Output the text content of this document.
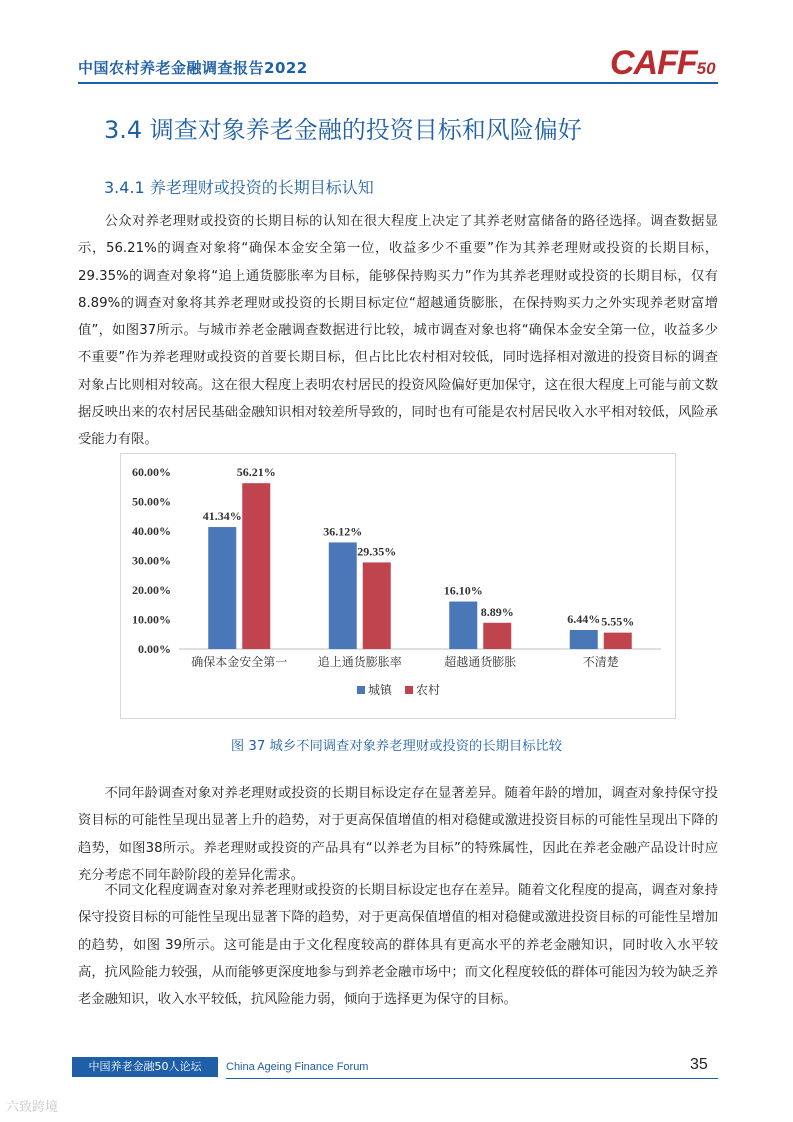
中国农村养老金融调查报告2022	CAFF50
3.4 调查对象养老金融的投资目标和风险偏好
3.4.1 养老理财或投资的长期目标认知

公众对养老理财或投资的长期目标的认知在很大程度上决定了其养老财富储备的路径选择。调查数据显示，56.21%的调查对象将“确保本金安全第一位，收益多少不重要”作为其养老理财或投资的长期目标，29.35%的调查对象将“追上通货膨胀率为目标，能够保持购买力”作为其养老理财或投资的长期目标，仅有8.89%的调查对象将其养老理财或投资的长期目标定位“超越通货膨胀，在保持购买力之外实现养老财富增值”，如图37所示。与城市养老金融调查数据进行比较，城市调查对象也将“确保本金安全第一位，收益多少不重要”作为养老理财或投资的首要长期目标，但占比比农村相对较低，同时选择相对激进的投资目标的调查对象占比则相对较高。这在很大程度上表明农村居民的投资风险偏好更加保守，这在很大程度上可能与前文数据反映出来的农村居民基础金融知识相对较差所导致的，同时也有可能是农村居民收入水平相对较低，风险承受能力有限。

0.00%
10.00%
20.00%
30.00%
40.00%
50.00%
60.00%
41.34%
56.21%
确保本金安全第一
36.12%
29.35%
追上通货膨胀率
16.10%
8.89%
超越通货膨胀
6.44% 5.55%
不清楚
城镇 农村
图 37 城乡不同调查对象养老理财或投资的长期目标比较

不同年龄调查对象对养老理财或投资的长期目标设定存在显著差异。随着年龄的增加，调查对象持保守投资目标的可能性呈现出显著上升的趋势，对于更高保值增值的相对稳健或激进投资目标的可能性呈现出下降的趋势，如图38所示。养老理财或投资的产品具有“以养老为目标”的特殊属性，因此在养老金融产品设计时应充分考虑不同年龄阶段的差异化需求。

不同文化程度调查对象对养老理财或投资的长期目标设定也存在差异。随着文化程度的提高，调查对象持保守投资目标的可能性呈现出显著下降的趋势，对于更高保值增值的相对稳健或激进投资目标的可能性呈增加的趋势，如图 39所示。这可能是由于文化程度较高的群体具有更高水平的养老金融知识，同时收入水平较高，抗风险能力较强，从而能够更深度地参与到养老金融市场中；而文化程度较低的群体可能因为较为缺乏养老金融知识，收入水平较低，抗风险能力弱，倾向于选择更为保守的目标。

中国养老金融50人论坛	China Ageing Finance Forum	35
六致跨境
